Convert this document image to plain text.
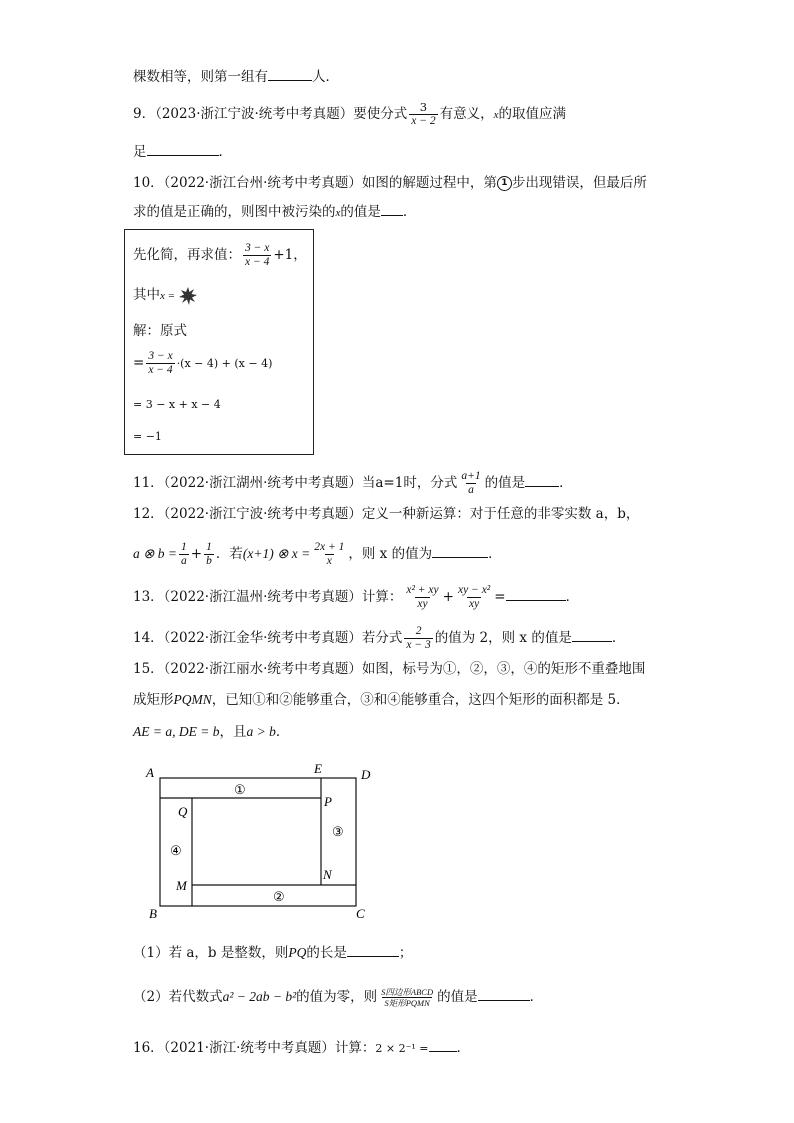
棵数相等，则第一组有	人．
9．（2023·浙江宁波·统考中考真题）要使分式 $\frac{3}{x - 2}$ 有意义，x的取值应满
足	．
10．（2022·浙江台州·统考中考真题）如图的解题过程中，第 1 步出现错误，但最后所
求的值是正确的，则图中被污染的x的值是 ．
先化简，再求值： $\frac{3 - x}{x - 4} +1$，
其中x =
解：原式
= $\frac{3 - x}{x - 4} \cdot(x - 4) + (x - 4)$
= 3 − x + x − 4
= −1
11．（2022·浙江湖州·统考中考真题）当a=1时，分式 $\frac{a+1}{a}$ 的值是	．
12．（2022·浙江宁波·统考中考真题）定义一种新运算：对于任意的非零实数 a，b，
a ⊗ $b = \frac{1}{a} + \frac{1}{b}$ ．若(x+1) ⊗ $x = \frac{2x + 1}{x}$ ，则 x 的值为	．
13．（2022·浙江温州·统考中考真题）计算： $\frac{\text{x² + xy}}{xy} + \frac{\text{xy − x²}}{xy}$ =	．
14．（2022·浙江金华·统考中考真题）若分式 $\frac{2}{x - 3}$ 的值为 2，则 x 的值是	．
15．（2022·浙江丽水·统考中考真题）如图，标号为①，②，③，④的矩形不重叠地围
成矩形PQMN，已知①和②能够重合，③和④能够重合，这四个矩形的面积都是 5．
AE = a, DE = b，且a > b．
A	E	D
B	C
P
Q
M
N
①
②
③
④
（1）若 a，b 是整数，则PQ的长是	；
（2）若代数式a² − 2ab − b²的值为零，则 $\frac{\text{S四边形ABCD}}{\text{S矩形PQMN}}$ 的值是	．
16．（2021·浙江·统考中考真题）计算：2 × 2⁻¹ = ．
